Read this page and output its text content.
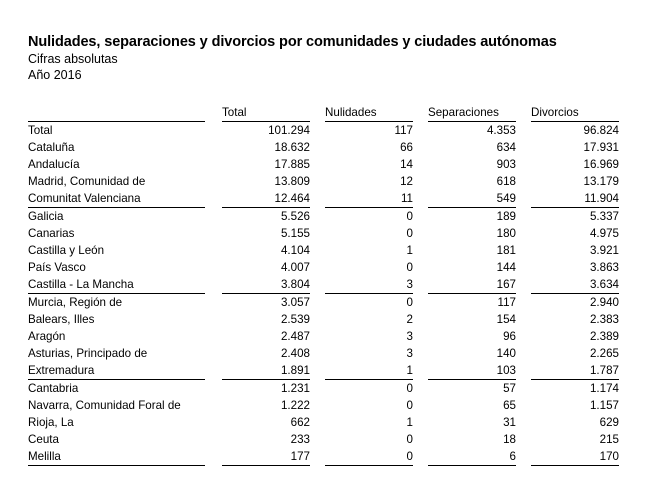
Nulidades, separaciones y divorcios por comunidades y ciudades autónomas
Cifras absolutas
Año 2016
		Total		Nulidades		Separaciones		Divorcios
Total		101.294		117		4.353		96.824
Cataluña		18.632		66		634		17.931
Andalucía		17.885		14		903		16.969
Madrid, Comunidad de		13.809		12		618		13.179
Comunitat Valenciana		12.464		11		549		11.904
Galicia		5.526		0		189		5.337
Canarias		5.155		0		180		4.975
Castilla y León		4.104		1		181		3.921
País Vasco		4.007		0		144		3.863
Castilla - La Mancha		3.804		3		167		3.634
Murcia, Región de		3.057		0		117		2.940
Balears, Illes		2.539		2		154		2.383
Aragón		2.487		3		96		2.389
Asturias, Principado de		2.408		3		140		2.265
Extremadura		1.891		1		103		1.787
Cantabria		1.231		0		57		1.174
Navarra, Comunidad Foral de		1.222		0		65		1.157
Rioja, La		662		1		31		629
Ceuta		233		0		18		215
Melilla		177		0		6		170
